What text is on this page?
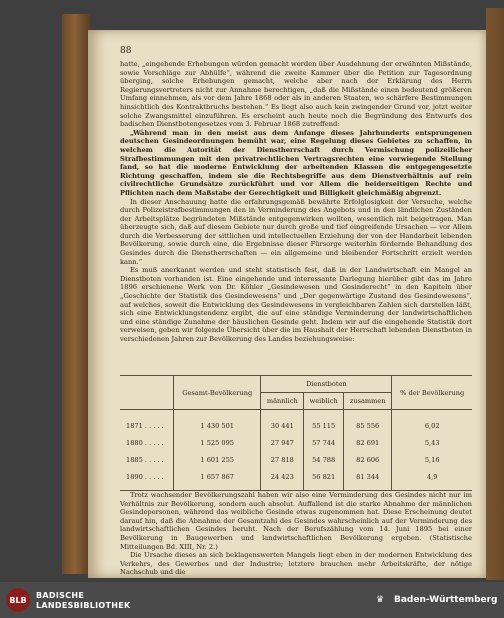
88

hatte, „eingehende Erhebungen würden gemacht werden über Ausdehnung der erwähnten Mißstände, sowie Vorschläge zur Abhülfe“, während die zweite Kammer über die Petition zur Tagesordnung überging, solche Erhebungen gemacht, welche aber nach der Erklärung des Herrn Regierungsvertreters nicht zur Annahme berechtigen, „daß die Mißstände einen bedeutend größeren Umfang einnehmen, als vor dem Jahre 1868 oder als in anderen Staaten, wo schärfere Bestimmungen hinsichtlich des Kontraktbruchs bestehen.“ Es liegt also auch kein zwingender Grund vor, jetzt weiter solche Zwangsmittel einzuführen. Es erscheint auch heute noch die Begründung des Entwurfs des badischen Dienstbotengesetzes vom 3. Februar 1868 zutreffend:

„Während man in den meist aus dem Anfange dieses Jahrhunderts entsprungenen deutschen Gesindeordnungen bemüht war, eine Regelung dieses Gebietes zu schaffen, in welchem die Autorität der Dienstherrschaft durch Vermischung polizeilicher Strafbestimmungen mit den privatrechtlichen Vertragsrechten eine vorwiegende Stellung fand, so hat die moderne Entwicklung der arbeitenden Klassen die entgegengesetzte Richtung geschaffen, indem sie die Rechtsbegriffe aus dem Dienstverhältnis auf rein civilrechtliche Grundsätze zurückführt und vor Allem die beiderseitigen Rechte und Pflichten nach dem Maßstabe der Gerechtigkeit und Billigkeit gleichmäßig abgrenzt.

In dieser Anschauung hatte die erfahrungsgemäß bewährte Erfolglosigkeit der Versuche, welche durch Polizeistrafbestimmungen den in Verminderung des Angebots und in den ländlichen Zuständen der Arbeitsplätze begründeten Mißstände entgegenwirken wollten, wesentlich mit beigetragen. Man überzeugte sich, daß auf diesem Gebiete nur durch große und tief eingreifende Ursachen — vor Allem durch die Verbesserung der sittlichen und intellectuellen Erziehung der von der Handarbeit lebenden Bevölkerung, sowie durch eine, die Ergebnisse dieser Fürsorge weiterhin fördernde Behandlung des Gesindes durch die Dienstherrschaften — ein allgemeine und bleibender Fortschritt erzielt werden kann.“

Es muß anerkannt werden und steht statistisch fest, daß in der Landwirtschaft ein Mangel an Dienstboten vorhanden ist. Eine eingehende und interessante Darlegung hierüber gibt das im Jahre 1896 erschienene Werk von Dr. Köhler „Gesindewesen und Gesinderecht“ in den Kapiteln über „Geschichte der Statistik des Gesindewesens“ und „Der gegenwärtige Zustand des Gesindewesens“, auf welches, soweit die Entwicklung des Gesindewesens in vergleichbaren Zahlen sich darstellen läßt, sich eine Entwicklungstendenz ergibt, die auf eine ständige Verminderung der landwirtschaftlichen und eine ständige Zunahme der häuslichen Gesinde geht. Indem wir auf die eingehende Statistik dort verweisen, geben wir folgende Übersicht über die im Haushalt der Herrschaft lebenden Dienstboten in verschiedenen Jahren zur Bevölkerung des Landes beziehungsweise:

	Gesamt-Bevölkerung	Dienstboten			% der Bevölkerung
		männlich	weiblich	zusammen	
1871 . . . . .	1 430 501	30 441	55 115	85 556	6,02
1880 . . . . .	1 525 095	27 947	57 744	82 691	5,43
1885 . . . . .	1 601 255	27 818	54 788	82 606	5,16
1890 . . . . .	1 657 867	24 423	56 821	81 344	4,9

Trotz wachsender Bevölkerungszahl haben wir also eine Verminderung des Gesindes nicht nur im Verhältnis zur Bevölkerung, sondern auch absolut. Auffallend ist die starke Abnahme der männlichen Gesindepersonen, während das weibliche Gesinde etwas zugenommen hat. Diese Erscheinung deutet darauf hin, daß die Abnahme der Gesamtzahl des Gesindes wahrscheinlich auf der Verminderung des landwirtschaftlichen Gesindes beruht. Nach der Berufszählung vom 14. Juni 1895 bei einer Bevölkerung in Baugewerben und landwirtschaftlichen Bevölkerung ergeben. (Statistische Mitteilungen Bd. XIII, Nr. 2.)

Die Ursache dieses an sich beklagenswerten Mangels liegt eben in der modernen Entwicklung des Verkehrs, des Gewerbes und der Industrie; letztere brauchen mehr Arbeitskräfte, der nötige Nachschub und die

BLB	BADISCHE
LANDESBIBLIOTHEK
♛	Baden-Württemberg
